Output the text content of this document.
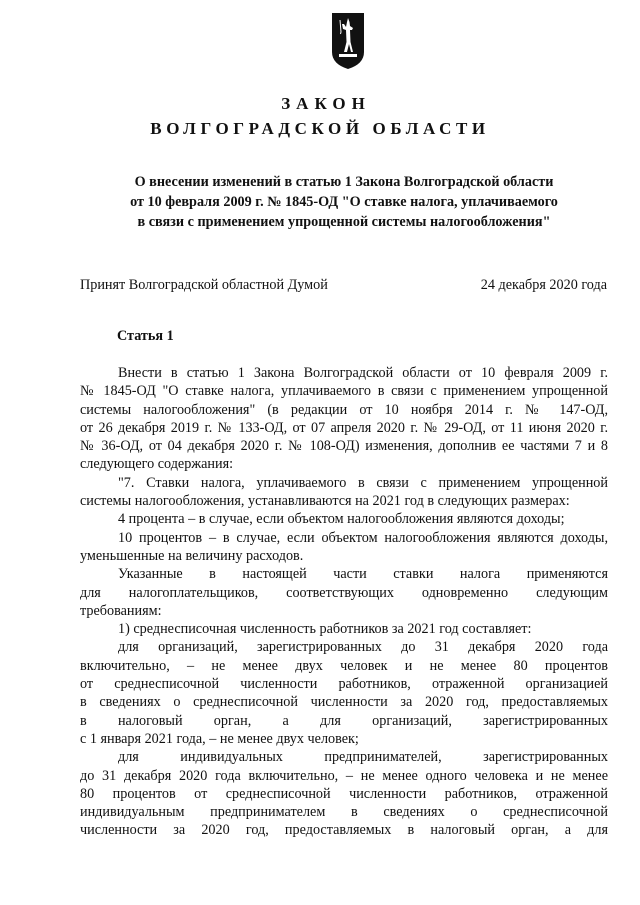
ЗАКОН
ВОЛГОГРАДСКОЙ ОБЛАСТИ
О внесении изменений в статью 1 Закона Волгоградской области
от 10 февраля 2009 г. № 1845-ОД "О ставке налога, уплачиваемого
в связи с применением упрощенной системы налогообложения"
Принят Волгоградской областной Думой	24 декабря 2020 года
Статья 1
Внести в статью 1 Закона Волгоградской области от 10 февраля 2009 г.
№ 1845-ОД "О ставке налога, уплачиваемого в связи с применением упрощенной
системы налогообложения" (в редакции от 10 ноября 2014 г. № 147-ОД,
от 26 декабря 2019 г. № 133-ОД, от 07 апреля 2020 г. № 29-ОД, от 11 июня 2020 г.
№ 36-ОД, от 04 декабря 2020 г. № 108-ОД) изменения, дополнив ее частями 7 и 8
следующего содержания:
"7. Ставки налога, уплачиваемого в связи с применением упрощенной
системы налогообложения, устанавливаются на 2021 год в следующих размерах:
4 процента – в случае, если объектом налогообложения являются доходы;
10 процентов – в случае, если объектом налогообложения являются доходы,
уменьшенные на величину расходов.
Указанные в настоящей части ставки налога применяются
для налогоплательщиков, соответствующих одновременно следующим
требованиям:
1) среднесписочная численность работников за 2021 год составляет:
для организаций, зарегистрированных до 31 декабря 2020 года
включительно, – не менее двух человек и не менее 80 процентов
от среднесписочной численности работников, отраженной организацией
в сведениях о среднесписочной численности за 2020 год, предоставляемых
в налоговый орган, а для организаций, зарегистрированных
с 1 января 2021 года, – не менее двух человек;
для индивидуальных предпринимателей, зарегистрированных
до 31 декабря 2020 года включительно, – не менее одного человека и не менее
80 процентов от среднесписочной численности работников, отраженной
индивидуальным предпринимателем в сведениях о среднесписочной
численности за 2020 год, предоставляемых в налоговый орган, а для
